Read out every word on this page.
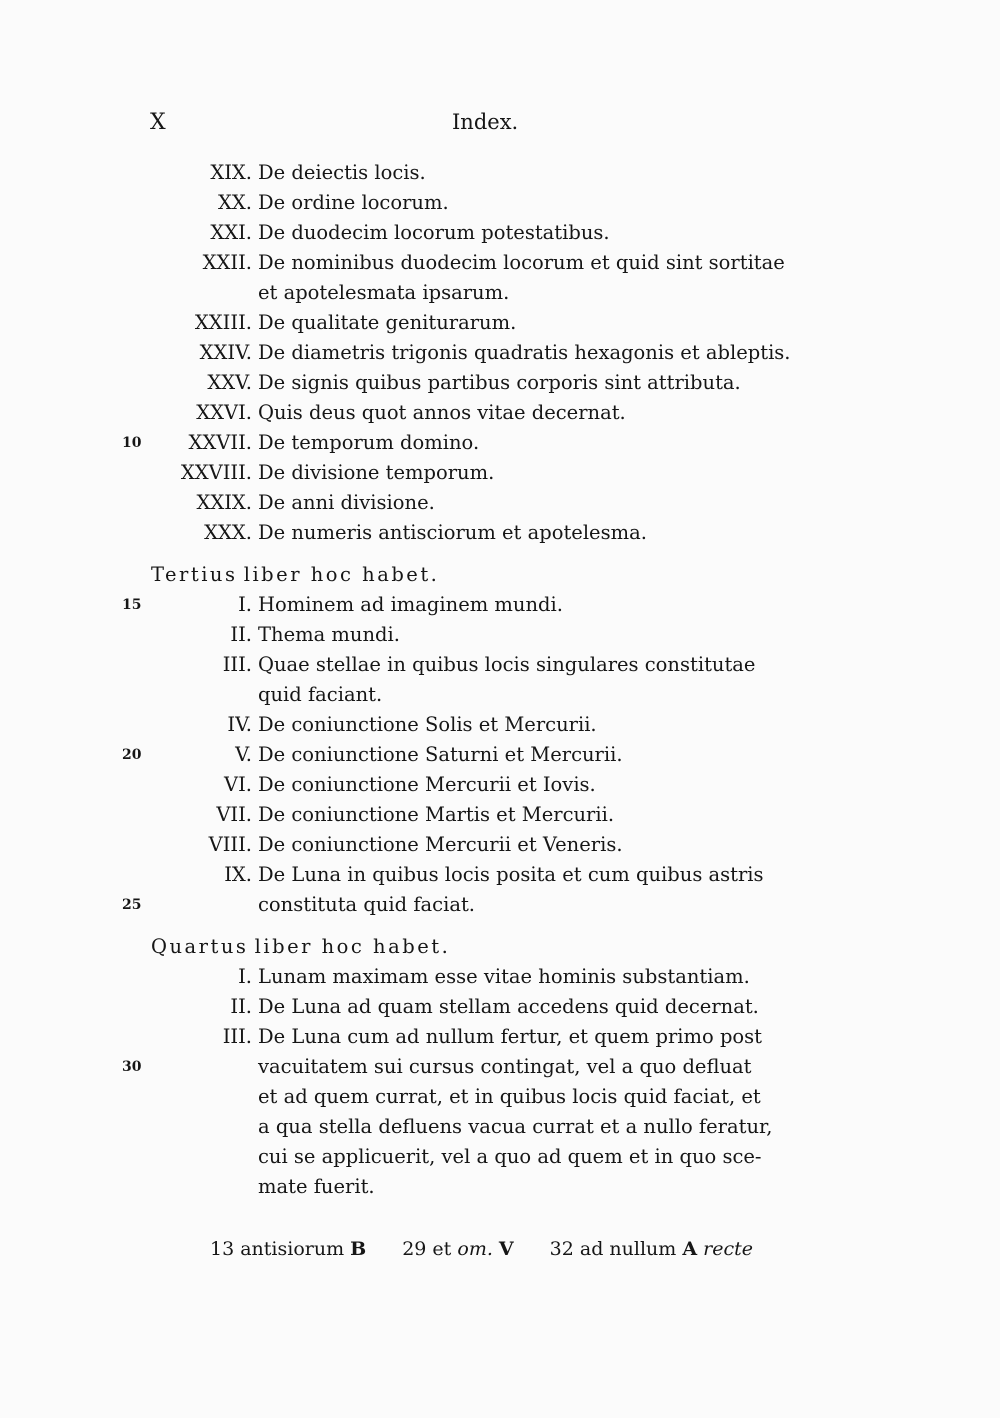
X	Index.
XIX. De deiectis locis.
XX. De ordine locorum.
XXI. De duodecim locorum potestatibus.
XXII. De nominibus duodecim locorum et quid sint sortitae
et apotelesmata ipsarum.
XXIII. De qualitate geniturarum.
XXIV. De diametris trigonis quadratis hexagonis et ableptis.
XXV. De signis quibus partibus corporis sint attributa.
XXVI. Quis deus quot annos vitae decernat.
10 XXVII. De temporum domino.
XXVIII. De divisione temporum.
XXIX. De anni divisione.
XXX. De numeris antisciorum et apotelesma.
Tertius liber hoc habet.
15	I. Hominem ad imaginem mundi.
II. Thema mundi.
III. Quae stellae in quibus locis singulares constitutae
quid faciant.
IV. De coniunctione Solis et Mercurii.
20	V. De coniunctione Saturni et Mercurii.
VI. De coniunctione Mercurii et Iovis.
VII. De coniunctione Martis et Mercurii.
VIII. De coniunctione Mercurii et Veneris.
IX. De Luna in quibus locis posita et cum quibus astris
25	constituta quid faciat.
Quartus liber hoc habet.
I. Lunam maximam esse vitae hominis substantiam.
II. De Luna ad quam stellam accedens quid decernat.
III. De Luna cum ad nullum fertur, et quem primo post
30	vacuitatem sui cursus contingat, vel a quo defluat
et ad quem currat, et in quibus locis quid faciat, et
a qua stella defluens vacua currat et a nullo feratur,
cui se applicuerit, vel a quo ad quem et in quo sce-
mate fuerit.
13 antisiorum B 29 et om. V 32 ad nullum A recte
